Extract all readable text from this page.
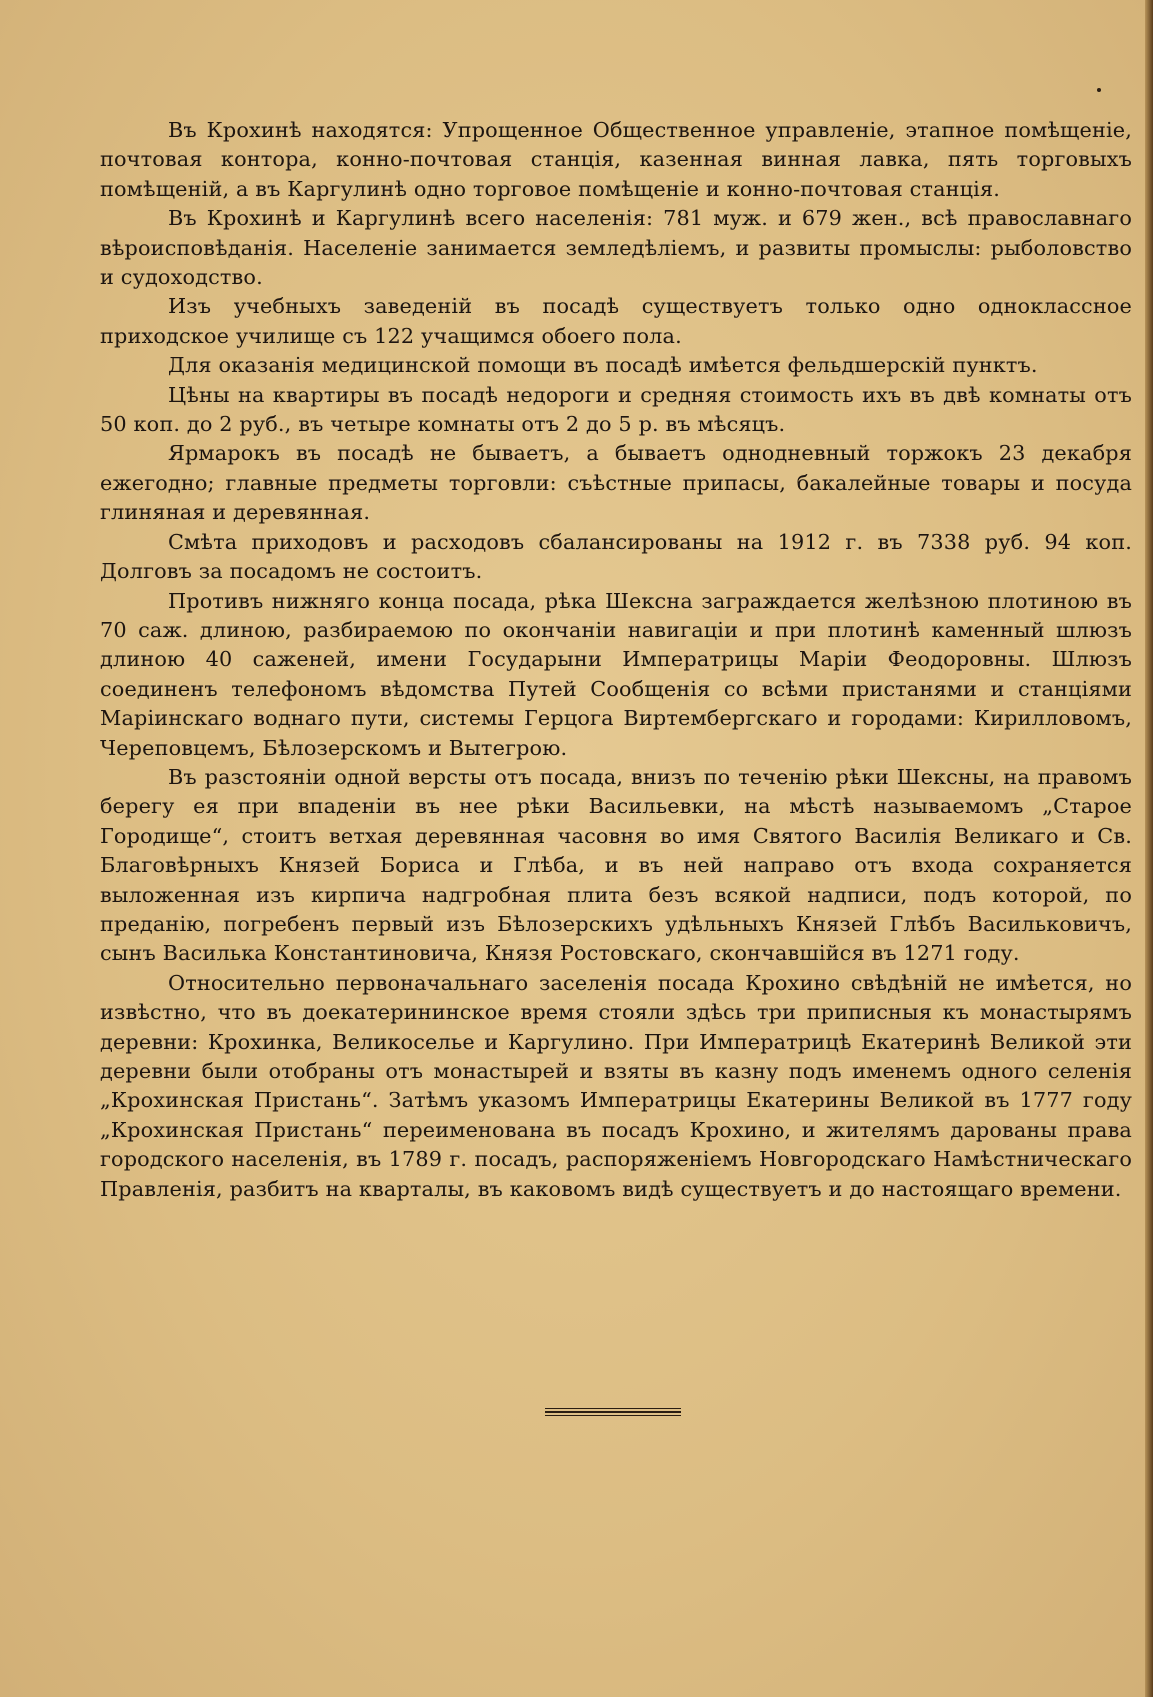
Въ Крохинѣ находятся: Упрощенное Общественное управленіе, этапное помѣщеніе, почтовая контора, конно-почтовая станція, казенная винная лавка, пять торговыхъ помѣщеній, а въ Каргулинѣ одно торговое помѣщеніе и конно-почтовая станція.

Въ Крохинѣ и Каргулинѣ всего населенія: 781 муж. и 679 жен., всѣ православнаго вѣроисповѣданія. Населеніе занимается земледѣліемъ, и развиты промыслы: рыболовство и судоходство.

Изъ учебныхъ заведеній въ посадѣ существуетъ только одно одноклассное приходское училище съ 122 учащимся обоего пола.

Для оказанія медицинской помощи въ посадѣ имѣется фельдшерскій пунктъ.

Цѣны на квартиры въ посадѣ недороги и средняя стоимость ихъ въ двѣ комнаты отъ 50 коп. до 2 руб., въ четыре комнаты отъ 2 до 5 р. въ мѣсяцъ.

Ярмарокъ въ посадѣ не бываетъ, а бываетъ однодневный торжокъ 23 декабря ежегодно; главные предметы торговли: съѣстные припасы, бакалейные товары и посуда глиняная и деревянная.

Смѣта приходовъ и расходовъ сбалансированы на 1912 г. въ 7338 руб. 94 коп. Долговъ за посадомъ не состоитъ.

Противъ нижняго конца посада, рѣка Шексна заграждается желѣзною плотиною въ 70 саж. длиною, разбираемою по окончаніи навигаціи и при плотинѣ каменный шлюзъ длиною 40 саженей, имени Государыни Императрицы Маріи Феодоровны. Шлюзъ соединенъ телефономъ вѣдомства Путей Сообщенія со всѣми пристанями и станціями Маріинскаго воднаго пути, системы Герцога Виртембергскаго и городами: Кирилловомъ, Череповцемъ, Бѣлозерскомъ и Вытегрою.

Въ разстояніи одной версты отъ посада, внизъ по теченію рѣки Шексны, на правомъ берегу ея при впаденіи въ нее рѣки Васильевки, на мѣстѣ называемомъ „Старое Городище“, стоитъ ветхая деревянная часовня во имя Святого Василія Великаго и Св. Благовѣрныхъ Князей Бориса и Глѣба, и въ ней направо отъ входа сохраняется выложенная изъ кирпича надгробная плита безъ всякой надписи, подъ которой, по преданію, погребенъ первый изъ Бѣлозерскихъ удѣльныхъ Князей Глѣбъ Васильковичъ, сынъ Василька Константиновича, Князя Ростовскаго, скончавшійся въ 1271 году.

Относительно первоначальнаго заселенія посада Крохино свѣдѣній не имѣется, но извѣстно, что въ доекатерининское время стояли здѣсь три приписныя къ монастырямъ деревни: Крохинка, Великоселье и Каргулино. При Императрицѣ Екатеринѣ Великой эти деревни были отобраны отъ монастырей и взяты въ казну подъ именемъ одного селенія „Крохинская Пристань“. Затѣмъ указомъ Императрицы Екатерины Великой въ 1777 году „Крохинская Пристань“ переименована въ посадъ Крохино, и жителямъ дарованы права городского населенія, въ 1789 г. посадъ, распоряженіемъ Новгородскаго Намѣстническаго Правленія, разбитъ на кварталы, въ каковомъ видѣ существуетъ и до настоящаго времени.
